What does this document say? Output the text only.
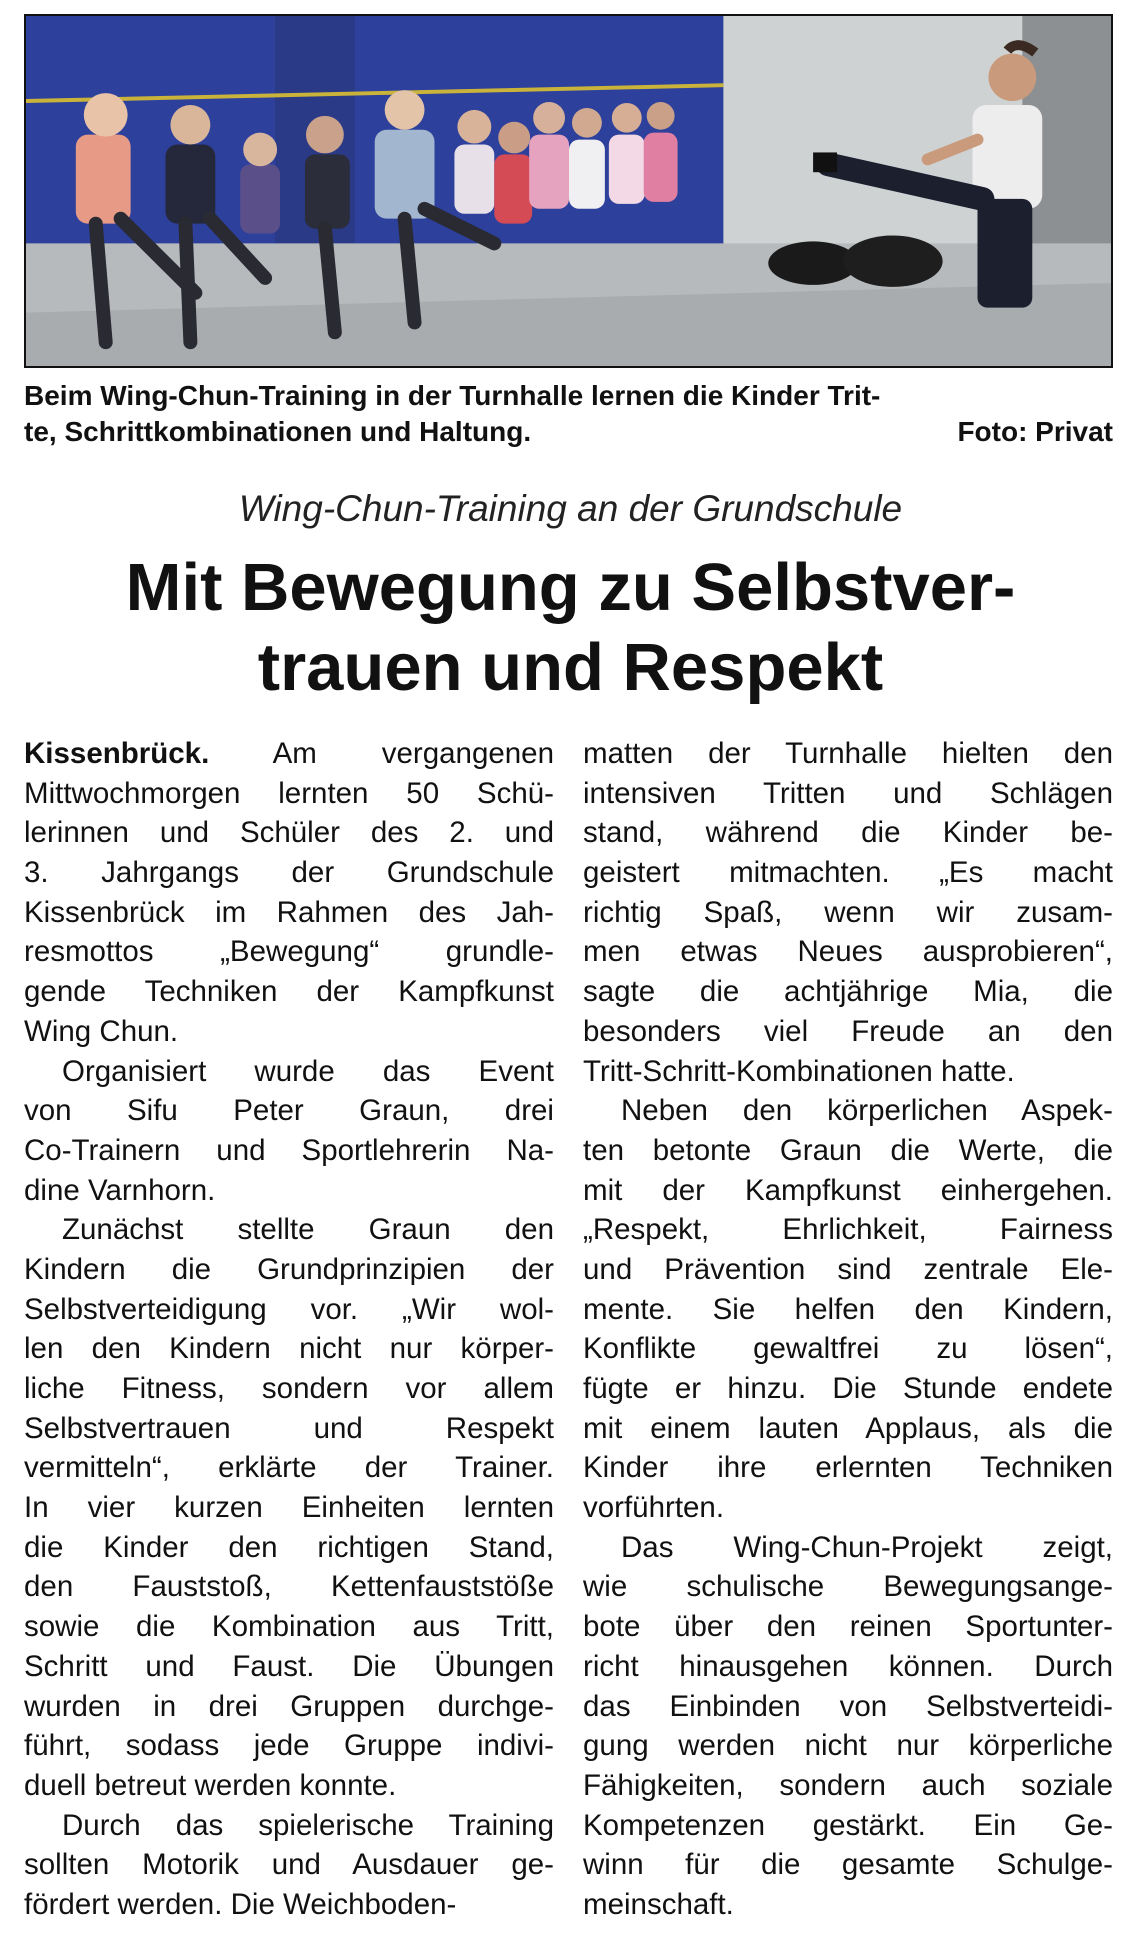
Beim Wing-Chun-Training in der Turnhalle lernen die Kinder Trit-
te, Schrittkombinationen und Haltung.	Foto: Privat
Wing-Chun-Training an der Grundschule
Mit Bewegung zu Selbstver-
trauen und Respekt
Kissenbrück. Am vergangenen
Mittwochmorgen lernten 50 Schü-
lerinnen und Schüler des 2. und
3. Jahrgangs der Grundschule
Kissenbrück im Rahmen des Jah-
resmottos „Bewegung“ grundle-
gende Techniken der Kampfkunst
Wing Chun.
Organisiert wurde das Event
von Sifu Peter Graun, drei
Co-Trainern und Sportlehrerin Na-
dine Varnhorn.
Zunächst stellte Graun den
Kindern die Grundprinzipien der
Selbstverteidigung vor. „Wir wol-
len den Kindern nicht nur körper-
liche Fitness, sondern vor allem
Selbstvertrauen und Respekt
vermitteln“, erklärte der Trainer.
In vier kurzen Einheiten lernten
die Kinder den richtigen Stand,
den Fauststoß, Kettenfauststöße
sowie die Kombination aus Tritt,
Schritt und Faust. Die Übungen
wurden in drei Gruppen durchge-
führt, sodass jede Gruppe indivi-
duell betreut werden konnte.
Durch das spielerische Training
sollten Motorik und Ausdauer ge-
fördert werden. Die Weichboden-
matten der Turnhalle hielten den
intensiven Tritten und Schlägen
stand, während die Kinder be-
geistert mitmachten. „Es macht
richtig Spaß, wenn wir zusam-
men etwas Neues ausprobieren“,
sagte die achtjährige Mia, die
besonders viel Freude an den
Tritt-Schritt-Kombinationen hatte.
Neben den körperlichen Aspek-
ten betonte Graun die Werte, die
mit der Kampfkunst einhergehen.
„Respekt, Ehrlichkeit, Fairness
und Prävention sind zentrale Ele-
mente. Sie helfen den Kindern,
Konflikte gewaltfrei zu lösen“,
fügte er hinzu. Die Stunde endete
mit einem lauten Applaus, als die
Kinder ihre erlernten Techniken
vorführten.
Das Wing-Chun-Projekt zeigt,
wie schulische Bewegungsange-
bote über den reinen Sportunter-
richt hinausgehen können. Durch
das Einbinden von Selbstverteidi-
gung werden nicht nur körperliche
Fähigkeiten, sondern auch soziale
Kompetenzen gestärkt. Ein Ge-
winn für die gesamte Schulge-
meinschaft.
